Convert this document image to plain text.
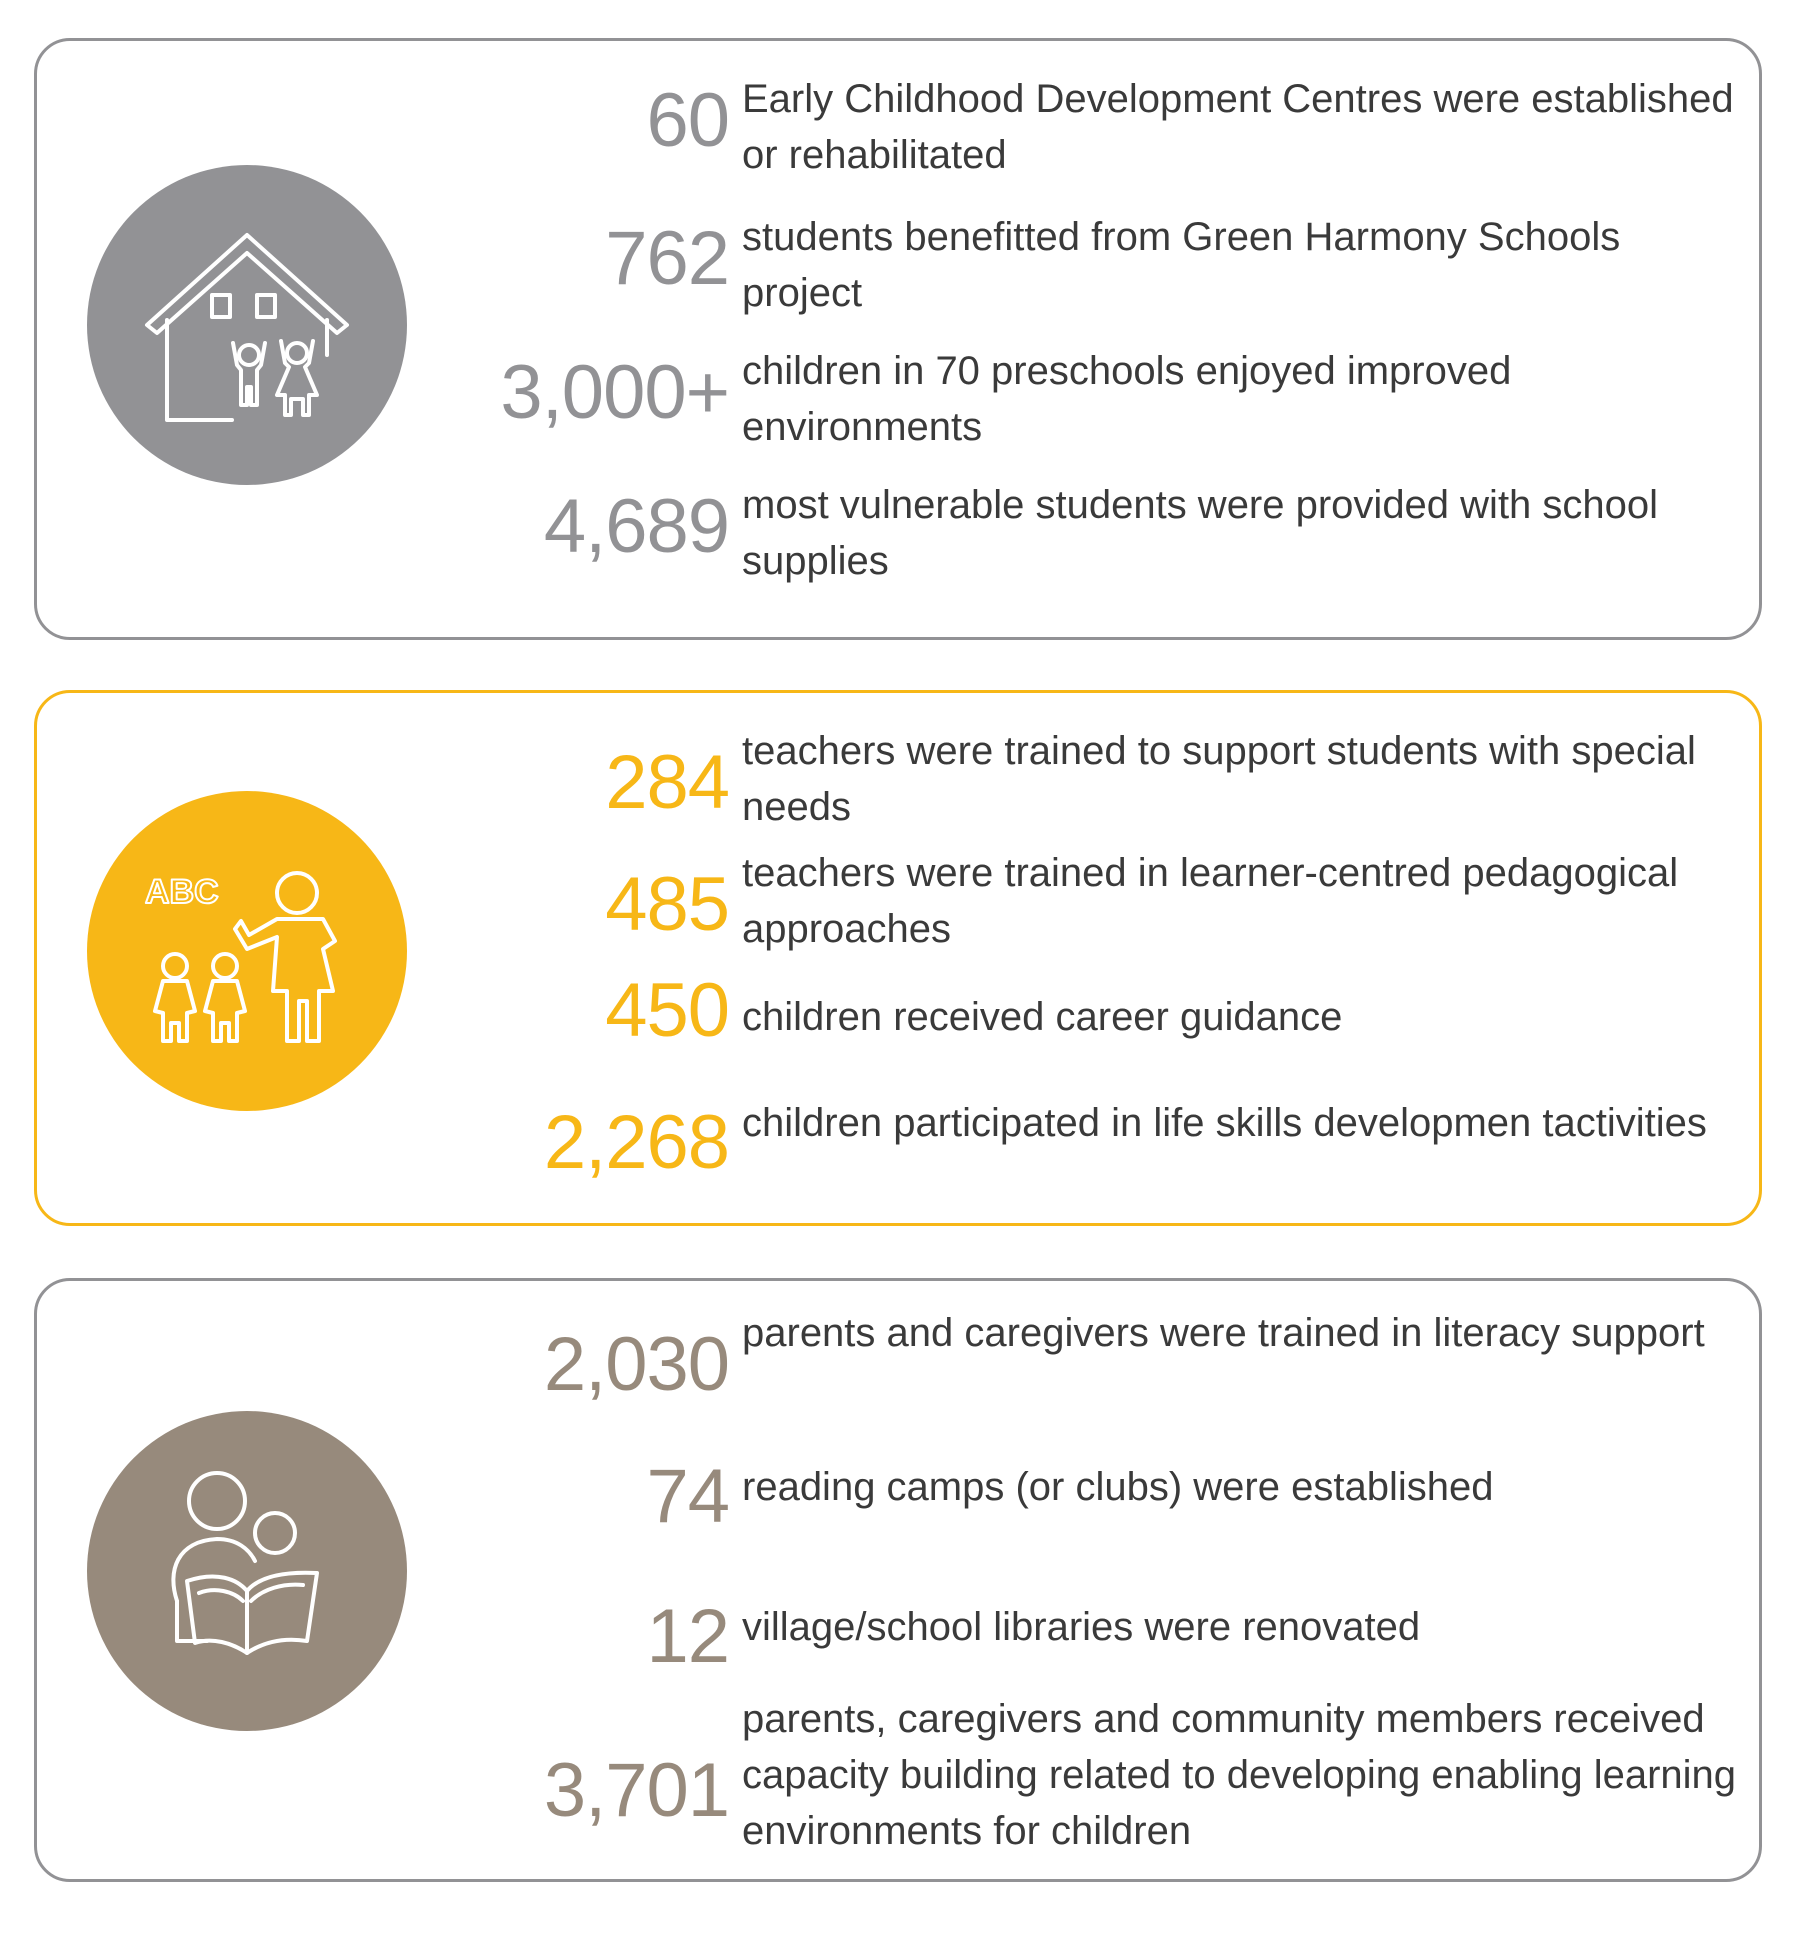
60 Early Childhood Development Centres were established or rehabilitated
762 students benefitted from Green Harmony Schools project
3,000+ children in 70 preschools enjoyed improved environments
4,689 most vulnerable students were provided with school supplies
ABC
284 teachers were trained to support students with special needs
485 teachers were trained in learner-centred pedagogical approaches
450 children received career guidance
2,268 children participated in life skills developmen tactivities
2,030 parents and caregivers were trained in literacy support
74 reading camps (or clubs) were established
12 village/school libraries were renovated
3,701
parents, caregivers and community members received capacity building related to developing enabling learning environments for children
